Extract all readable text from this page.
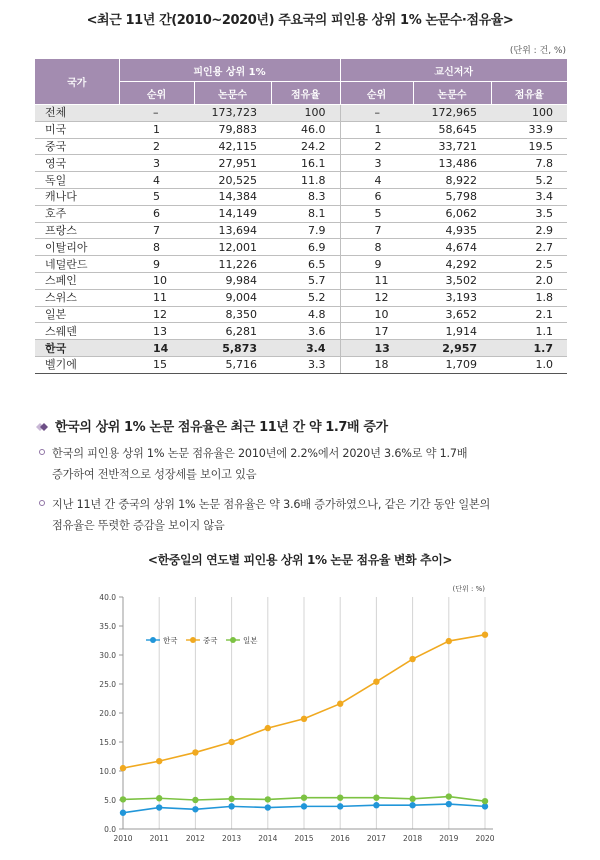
<최근 11년 간(2010~2020년) 주요국의 피인용 상위 1% 논문수·점유율>
(단위 : 건, %)
국가	피인용 상위 1%			교신저자		
	순위	논문수	점유율	순위	논문수	점유율
전체	–	173,723	100	–	172,965	100
미국	1	79,883	46.0	1	58,645	33.9
중국	2	42,115	24.2	2	33,721	19.5
영국	3	27,951	16.1	3	13,486	7.8
독일	4	20,525	11.8	4	8,922	5.2
캐나다	5	14,384	8.3	6	5,798	3.4
호주	6	14,149	8.1	5	6,062	3.5
프랑스	7	13,694	7.9	7	4,935	2.9
이탈리아	8	12,001	6.9	8	4,674	2.7
네덜란드	9	11,226	6.5	9	4,292	2.5
스페인	10	9,984	5.7	11	3,502	2.0
스위스	11	9,004	5.2	12	3,193	1.8
일본	12	8,350	4.8	10	3,652	2.1
스웨덴	13	6,281	3.6	17	1,914	1.1
한국	14	5,873	3.4	13	2,957	1.7
벨기에	15	5,716	3.3	18	1,709	1.0
한국의 상위 1% 논문 점유율은 최근 11년 간 약 1.7배 증가
한국의 피인용 상위 1% 논문 점유율은 2010년에 2.2%에서 2020년 3.6%로 약 1.7배
증가하여 전반적으로 성장세를 보이고 있음
지난 11년 간 중국의 상위 1% 논문 점유율은 약 3.6배 증가하였으나, 같은 기간 동안 일본의
점유율은 뚜렷한 증감을 보이지 않음
<한중일의 연도별 피인용 상위 1% 논문 점유율 변화 추이>
0.0
5.0
10.0
15.0
20.0
25.0
30.0
35.0
40.0
2010 2011 2012 2013 2014 2015 2016 2017 2018 2019 2020
(단위 : %)
한국	중국	일본
